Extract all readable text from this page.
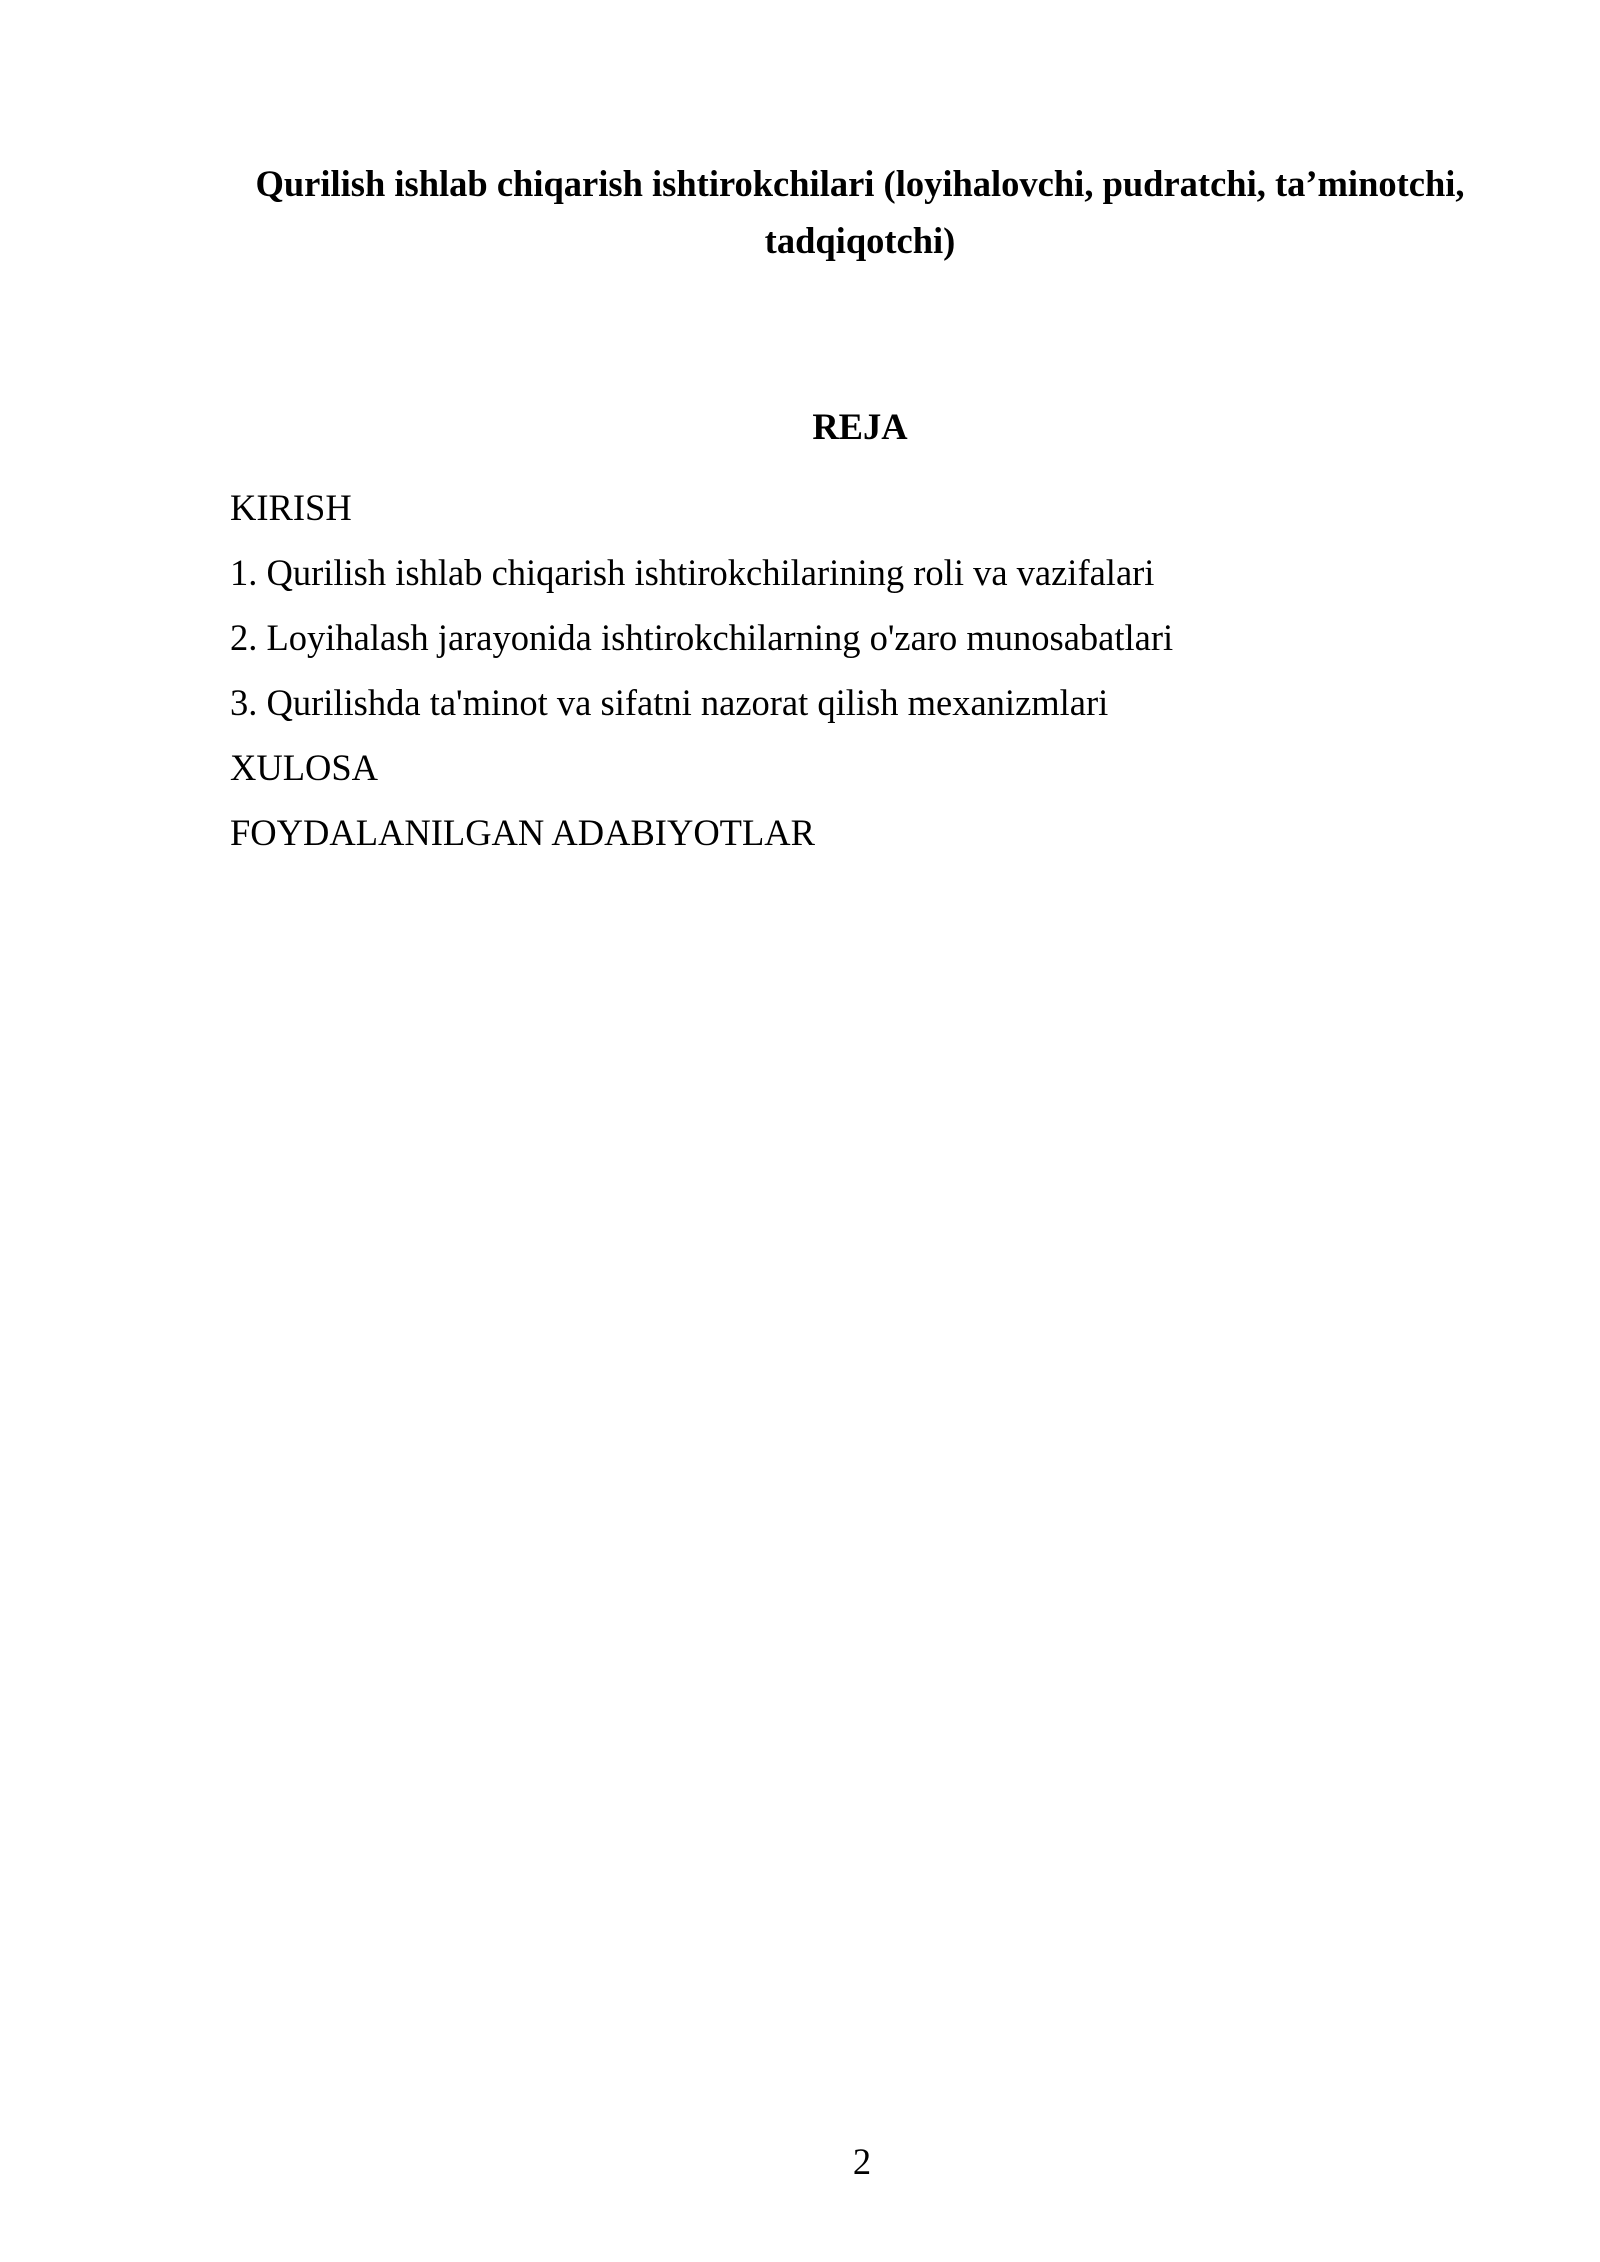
Qurilish ishlab chiqarish ishtirokchilari (loyihalovchi, pudratchi, ta’minotchi, tadqiqotchi)
REJA
KIRISH
1. Qurilish ishlab chiqarish ishtirokchilarining roli va vazifalari
2. Loyihalash jarayonida ishtirokchilarning o'zaro munosabatlari
3. Qurilishda ta'minot va sifatni nazorat qilish mexanizmlari
XULOSA
FOYDALANILGAN ADABIYOTLAR
2
